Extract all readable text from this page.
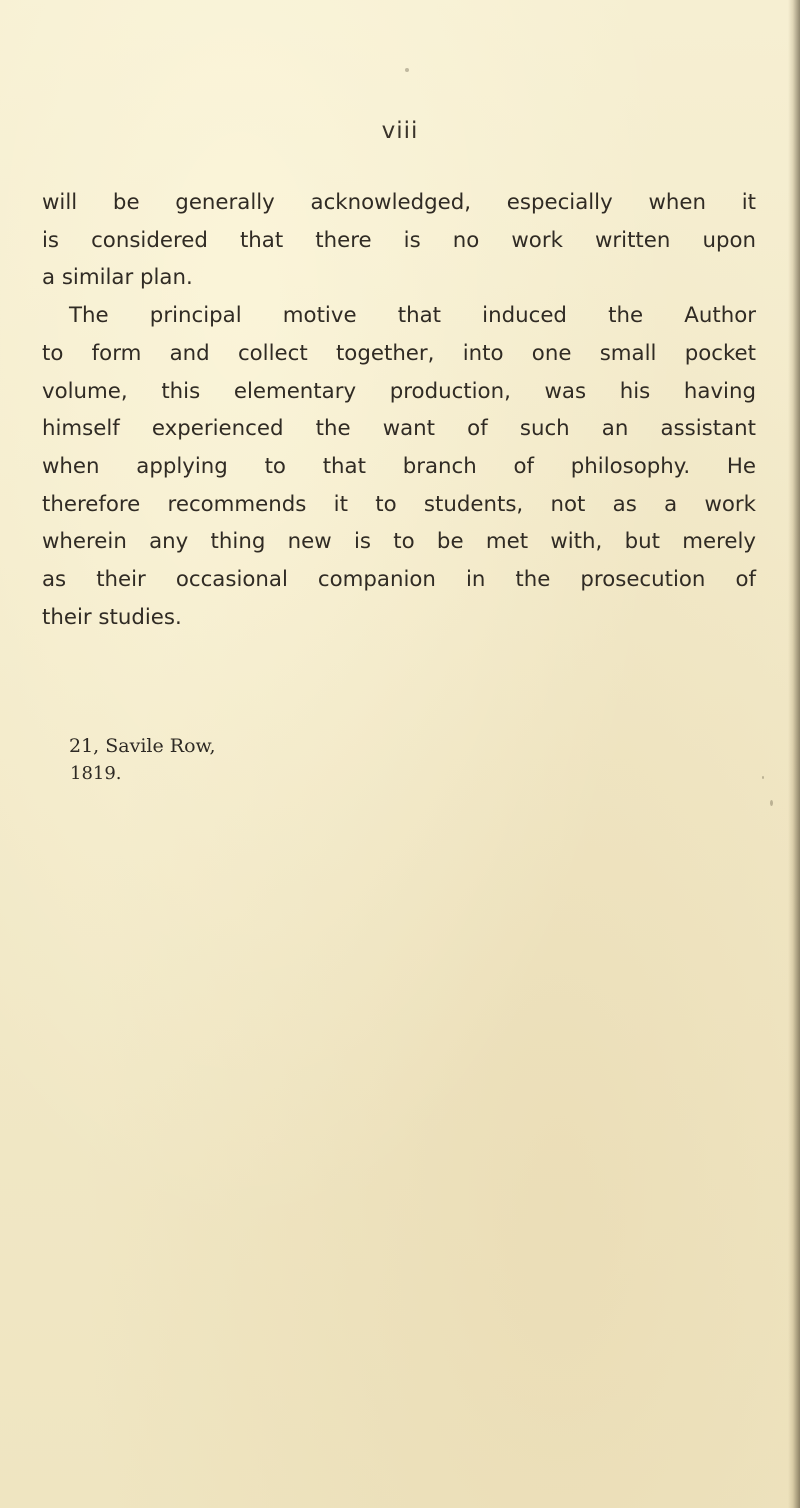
viii
will be generally acknowledged, especially when it
is considered that there is no work written upon
a similar plan.
The principal motive that induced the Author
to form and collect together, into one small pocket
volume, this elementary production, was his having
himself experienced the want of such an assistant
when applying to that branch of philosophy. He
therefore recommends it to students, not as a work
wherein any thing new is to be met with, but merely
as their occasional companion in the prosecution of
their studies.
21, Savile Row,
1819.
